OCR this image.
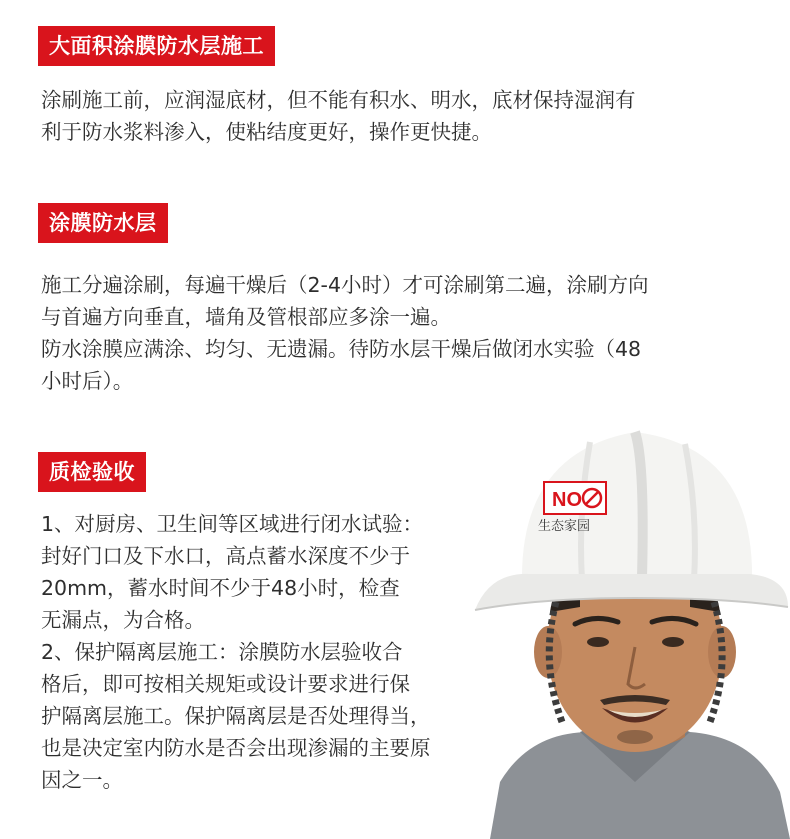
大面积涂膜防水层施工
涂刷施工前，应润湿底材，但不能有积水、明水，底材保持湿润有
利于防水浆料渗入，使粘结度更好，操作更快捷。
涂膜防水层
施工分遍涂刷，每遍干燥后（2-4小时）才可涂刷第二遍，涂刷方向
与首遍方向垂直，墙角及管根部应多涂一遍。
防水涂膜应满涂、均匀、无遗漏。待防水层干燥后做闭水实验（48
小时后）。
NO
生态家园
质检验收
1、对厨房、卫生间等区域进行闭水试验：
封好门口及下水口，高点蓄水深度不少于
20mm，蓄水时间不少于48小时，检查
无漏点，为合格。
2、保护隔离层施工：涂膜防水层验收合
格后，即可按相关规矩或设计要求进行保
护隔离层施工。保护隔离层是否处理得当，
也是决定室内防水是否会出现渗漏的主要原
因之一。
